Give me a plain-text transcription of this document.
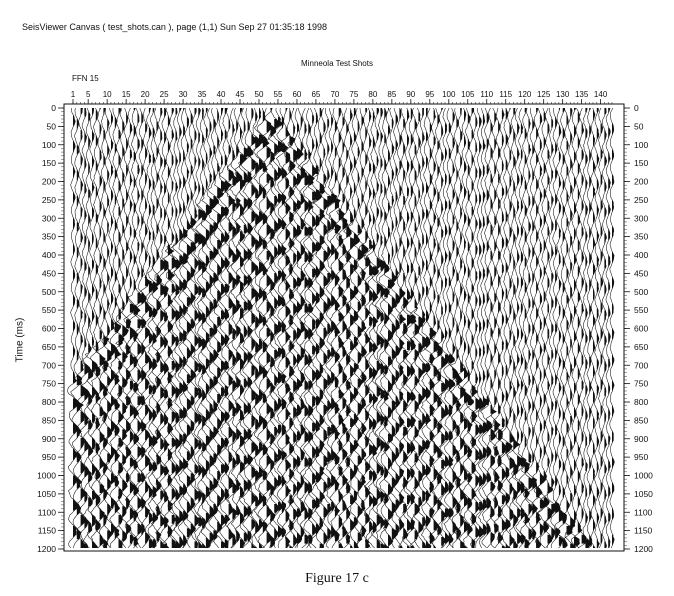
SeisViewer Canvas ( test_shots.can ), page (1,1) Sun Sep 27 01:35:18 1998
Minneola Test Shots
FFN 15
Time (ms)
1 5 10 15 20 25 30 35 40 45 50 55 60 65 70 75 80 85 90 95 100 105 110 115 120 125 130 135 140
0
50
100
150
200
250
300
350
400
450
500
550
600
650
700
750
800
850
900
950
1000
1050
1100
1150
1200
0
50
100
150
200
250
300
350
400
450
500
550
600
650
700
750
800
850
900
950
1000
1050
1100
1150
1200
Figure 17 c
